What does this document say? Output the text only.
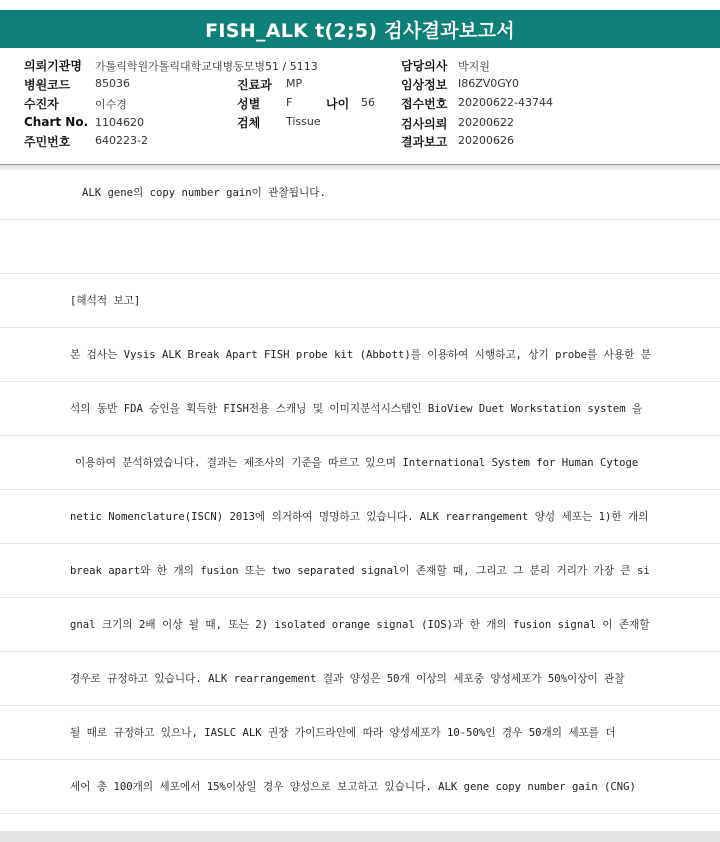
FISH_ALK t(2;5) 검사결과보고서
의뢰기관명 가톨릭학원가톨릭대학교대병동모병51 / 5113
병원코드 85036
수진자	이수경
Chart No. 1104620
주민번호 640223-2
진료과 MP
성별 F	나이 56
검체 Tissue
담당의사 박지원
임상정보 I86ZV0GY0
접수번호 20200622-43744
검사의뢰 20200622
결과보고 20200626
ALK gene의 copy number gain이 관찰됩니다.
[해석적 보고]
본 검사는 Vysis ALK Break Apart FISH probe kit (Abbott)를 이용하여 시행하고, 상기 probe를 사용한 분
석의 동반 FDA 승인을 획득한 FISH전용 스캐닝 및 이미지분석시스템인 BioView Duet Workstation system 을
이용하여 분석하였습니다. 결과는 제조사의 기준을 따르고 있으며 International System for Human Cytoge
netic Nomenclature(ISCN) 2013에 의거하여 명명하고 있습니다. ALK rearrangement 양성 세포는 1)한 개의
break apart와 한 개의 fusion 또는 two separated signal이 존재할 때, 그리고 그 분리 거리가 가장 큰 si
gnal 크기의 2배 이상 될 때, 또는 2) isolated orange signal (IOS)과 한 개의 fusion signal 이 존재할
경우로 규정하고 있습니다. ALK rearrangement 결과 양성은 50개 이상의 세포중 양성세포가 50%이상이 관찰
될 때로 규정하고 있으나, IASLC ALK 권장 가이드라인에 따라 양성세포가 10-50%인 경우 50개의 세포를 더
세어 총 100개의 세포에서 15%이상일 경우 양성으로 보고하고 있습니다. ALK gene copy number gain (CNG)
